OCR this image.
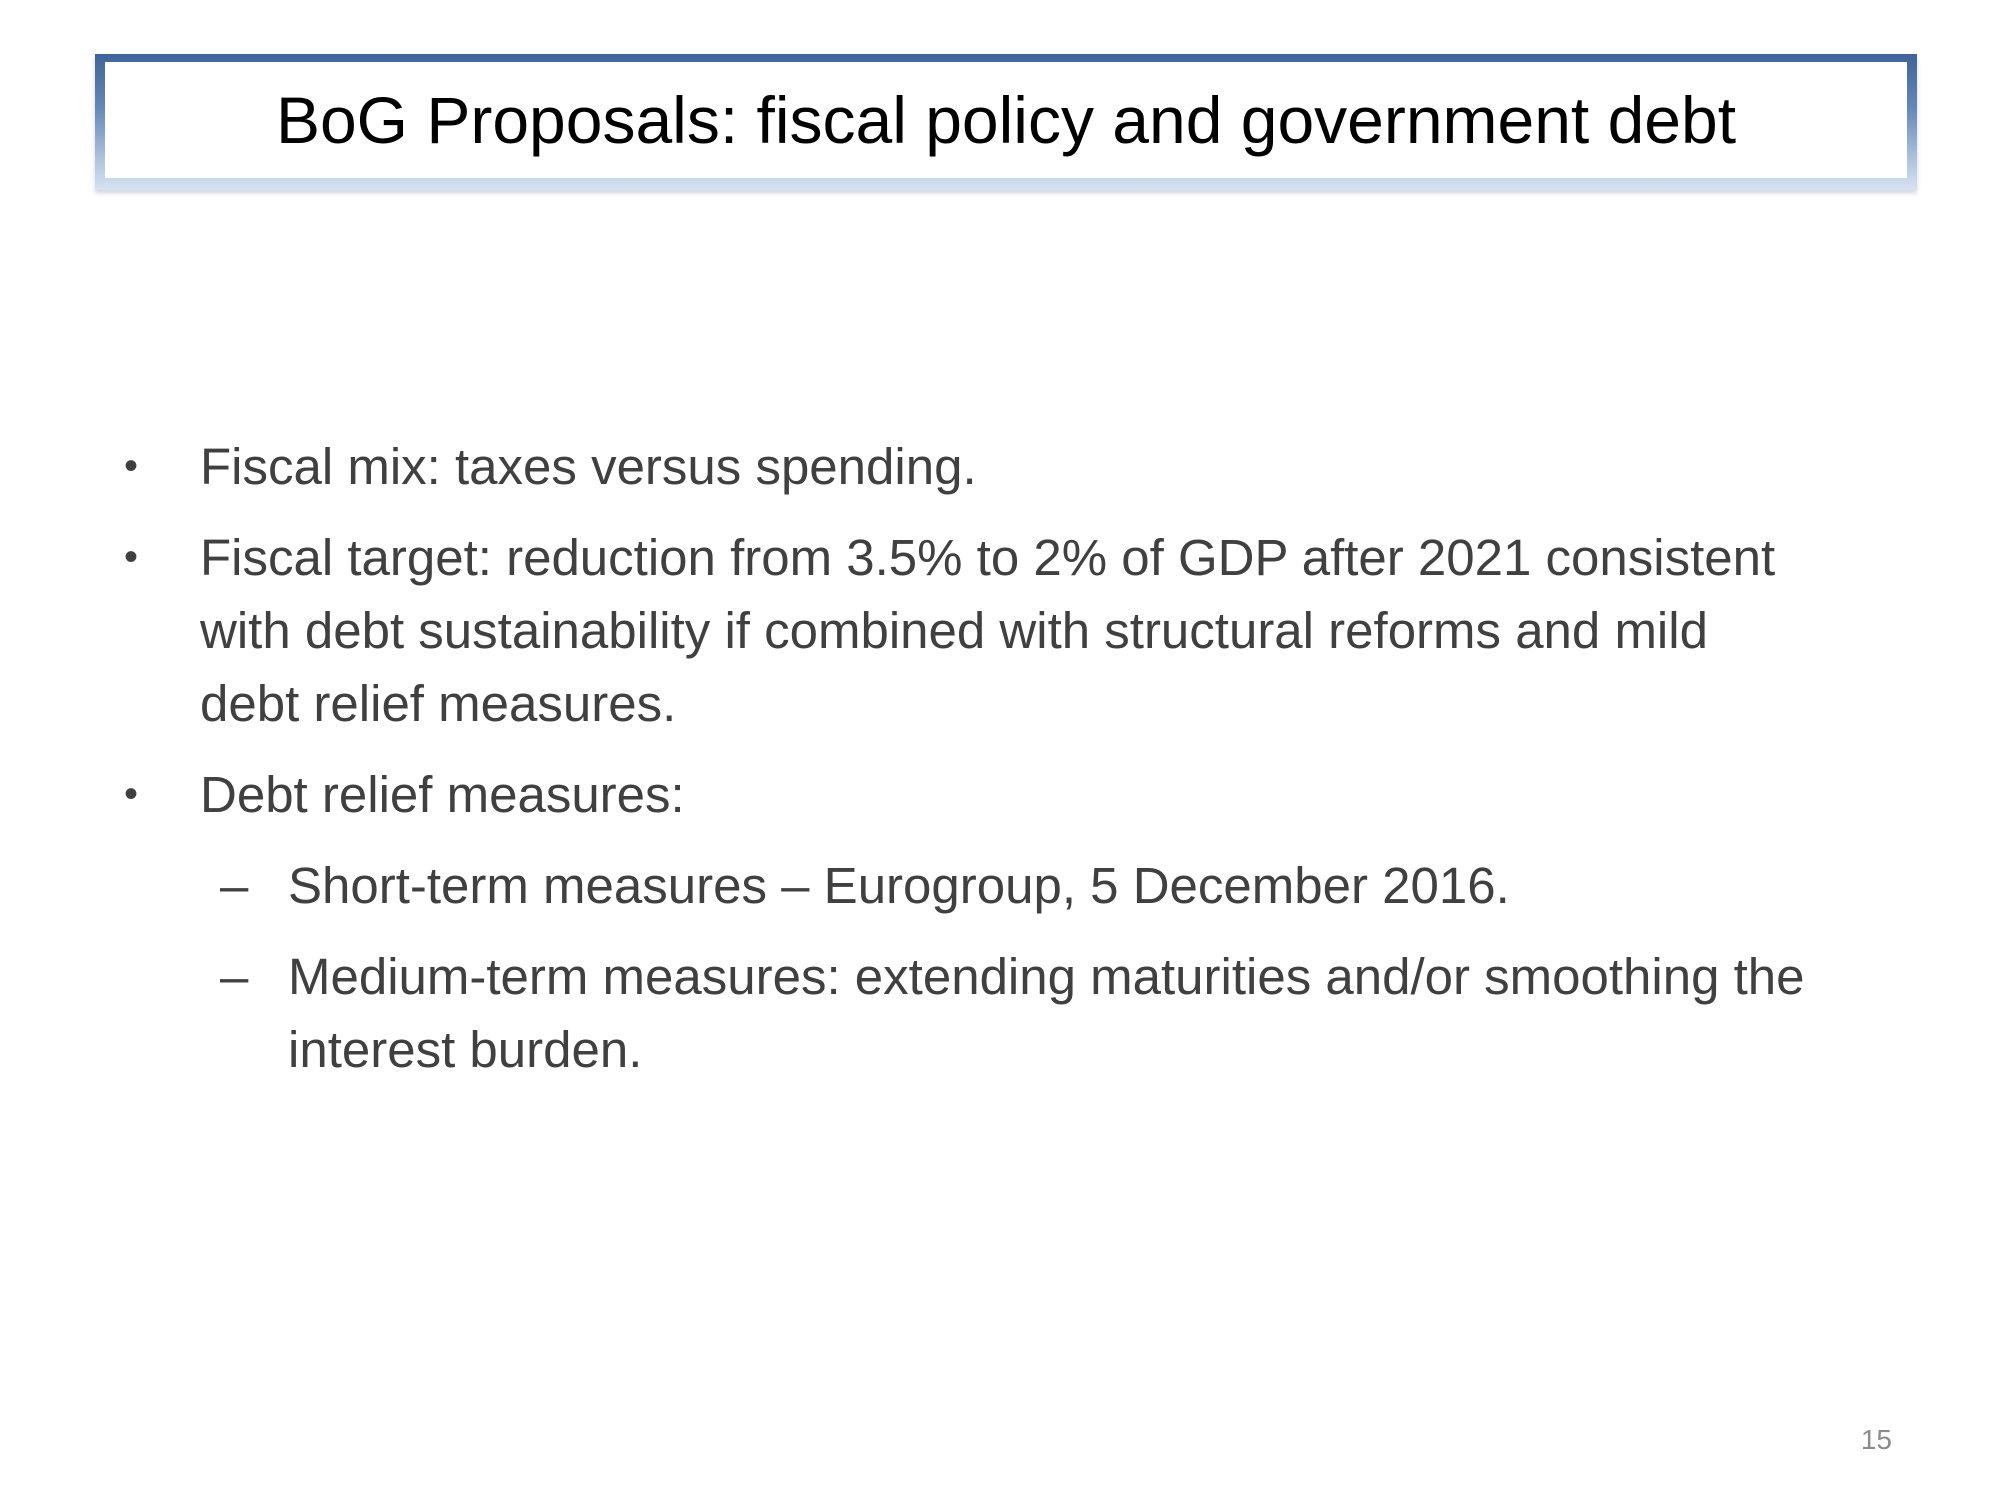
BoG Proposals: fiscal policy and government debt
• Fiscal mix: taxes versus spending.
• Fiscal target: reduction from 3.5% to 2% of GDP after 2021 consistent with debt sustainability if combined with structural reforms and mild debt relief measures.
• Debt relief measures:
– Short-term measures – Eurogroup, 5 December 2016.
– Medium-term measures: extending maturities and/or smoothing the interest burden.
15
